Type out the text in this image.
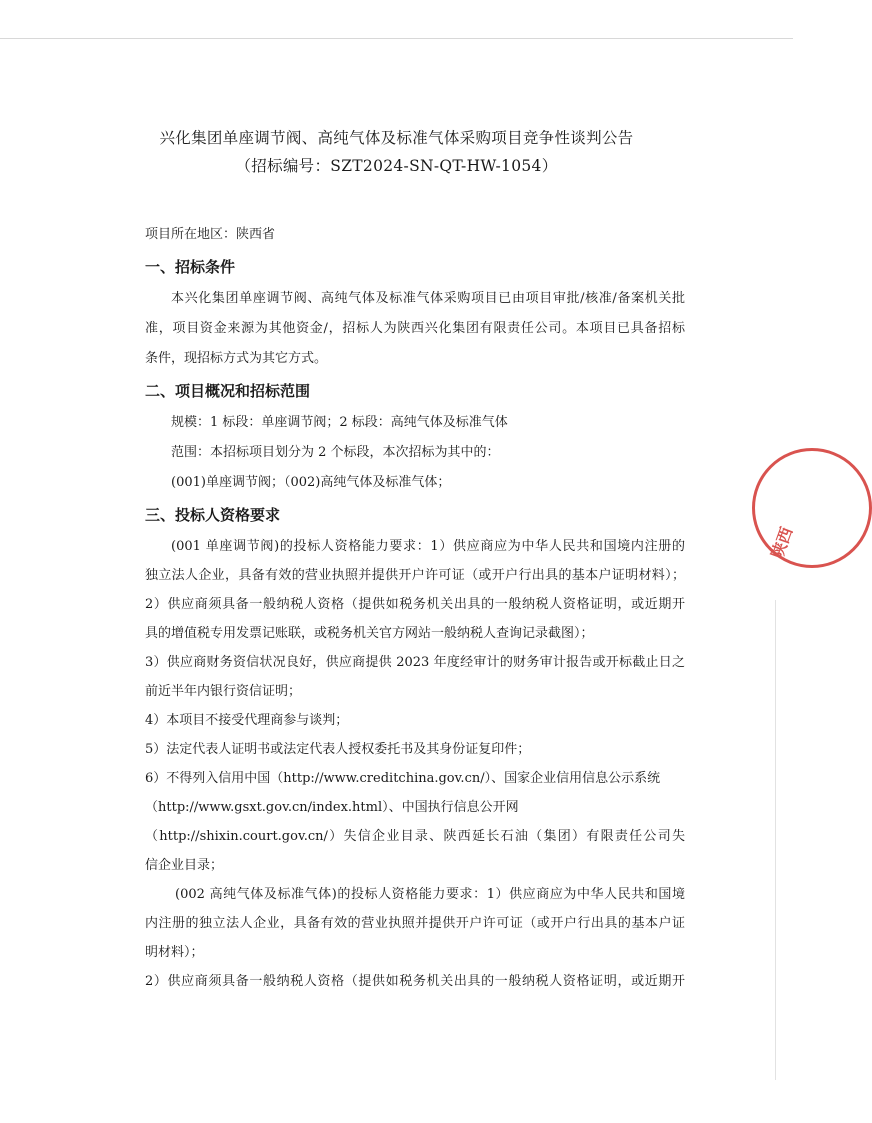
兴化集团单座调节阀、高纯气体及标准气体采购项目竞争性谈判公告
（招标编号：SZT2024-SN-QT-HW-1054）

项目所在地区：陕西省

一、招标条件

本兴化集团单座调节阀、高纯气体及标准气体采购项目已由项目审批/核准/备案机关批

准，项目资金来源为其他资金/，招标人为陕西兴化集团有限责任公司。本项目已具备招标

条件，现招标方式为其它方式。

二、项目概况和招标范围

规模：1 标段：单座调节阀；2 标段：高纯气体及标准气体

范围：本招标项目划分为 2 个标段，本次招标为其中的：

(001)单座调节阀；（002)高纯气体及标准气体；

三、投标人资格要求

(001 单座调节阀)的投标人资格能力要求：1）供应商应为中华人民共和国境内注册的

独立法人企业，具备有效的营业执照并提供开户许可证（或开户行出具的基本户证明材料）；

2）供应商须具备一般纳税人资格（提供如税务机关出具的一般纳税人资格证明，或近期开

具的增值税专用发票记账联，或税务机关官方网站一般纳税人查询记录截图）；

3）供应商财务资信状况良好，供应商提供 2023 年度经审计的财务审计报告或开标截止日之

前近半年内银行资信证明；

4）本项目不接受代理商参与谈判；

5）法定代表人证明书或法定代表人授权委托书及其身份证复印件；

6）不得列入信用中国（http://www.creditchina.gov.cn/）、国家企业信用信息公示系统

（http://www.gsxt.gov.cn/index.html）、中国执行信息公开网

（http://shixin.court.gov.cn/）失信企业目录、陕西延长石油（集团）有限责任公司失

信企业目录；

(002 高纯气体及标准气体)的投标人资格能力要求：1）供应商应为中华人民共和国境

内注册的独立法人企业，具备有效的营业执照并提供开户许可证（或开户行出具的基本户证

明材料）；

2）供应商须具备一般纳税人资格（提供如税务机关出具的一般纳税人资格证明，或近期开

陕西
